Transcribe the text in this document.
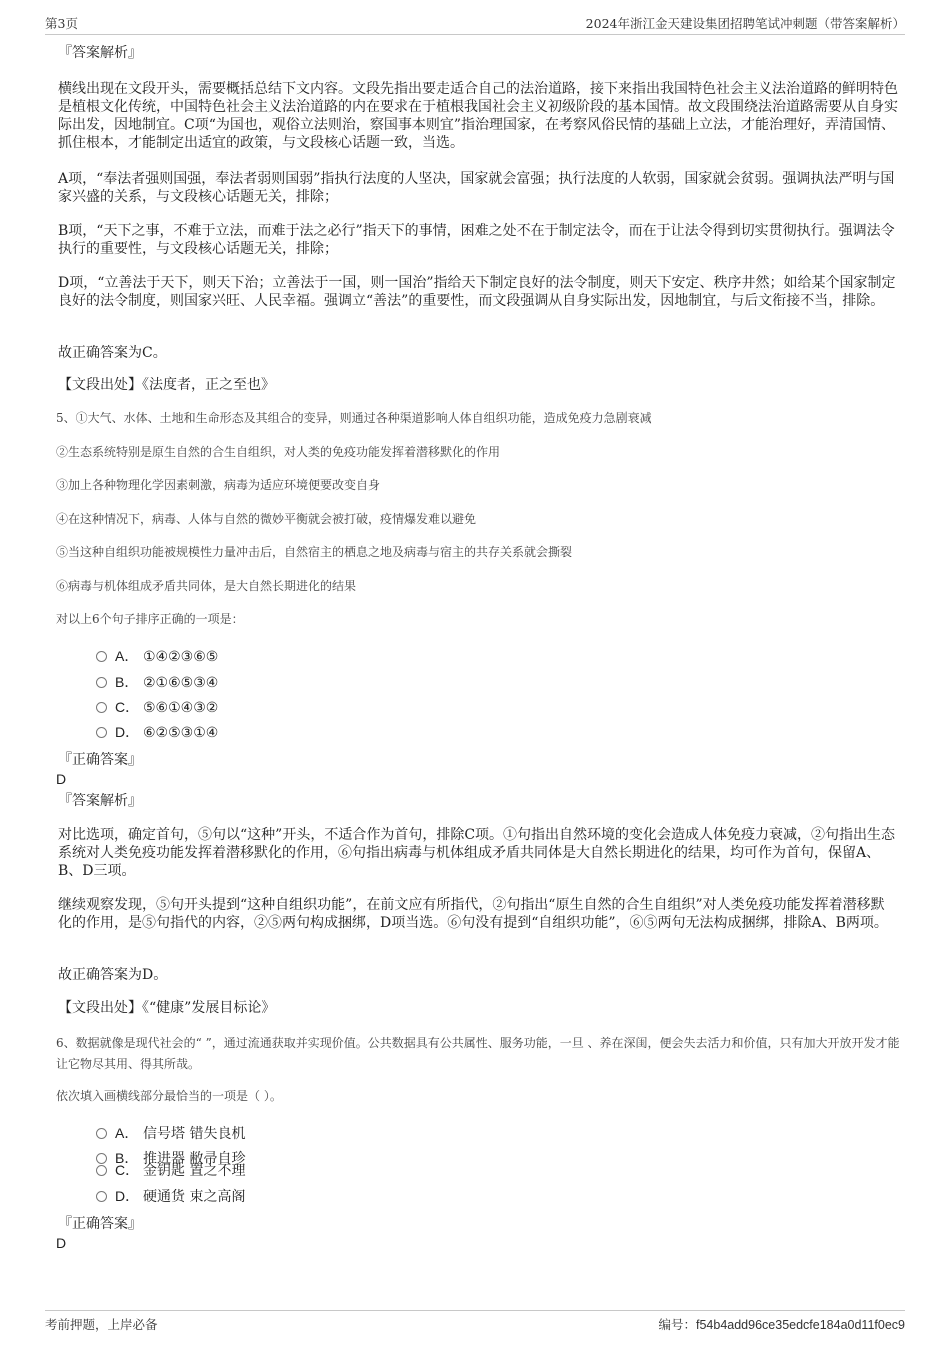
第3页	2024年浙江金天建设集团招聘笔试冲刺题（带答案解析）

『答案解析』

横线出现在文段开头，需要概括总结下文内容。文段先指出要走适合自己的法治道路，接下来指出我国特色社会主义法治道路的鲜明特色是植根文化传统，中国特色社会主义法治道路的内在要求在于植根我国社会主义初级阶段的基本国情。故文段围绕法治道路需要从自身实际出发，因地制宜。C项“为国也，观俗立法则治，察国事本则宜”指治理国家，在考察风俗民情的基础上立法，才能治理好，弄清国情、抓住根本，才能制定出适宜的政策，与文段核心话题一致，当选。

A项，“奉法者强则国强，奉法者弱则国弱”指执行法度的人坚决，国家就会富强；执行法度的人软弱，国家就会贫弱。强调执法严明与国家兴盛的关系，与文段核心话题无关，排除；

B项，“天下之事，不难于立法，而难于法之必行”指天下的事情，困难之处不在于制定法令，而在于让法令得到切实贯彻执行。强调法令执行的重要性，与文段核心话题无关，排除；

D项，“立善法于天下，则天下治；立善法于一国，则一国治”指给天下制定良好的法令制度，则天下安定、秩序井然；如给某个国家制定良好的法令制度，则国家兴旺、人民幸福。强调立“善法”的重要性，而文段强调从自身实际出发，因地制宜，与后文衔接不当，排除。

故正确答案为C。

【文段出处】《法度者，正之至也》

5、①大气、水体、土地和生命形态及其组合的变异，则通过各种渠道影响人体自组织功能，造成免疫力急剧衰减

②生态系统特别是原生自然的合生自组织，对人类的免疫功能发挥着潜移默化的作用

③加上各种物理化学因素刺激，病毒为适应环境便要改变自身

④在这种情况下，病毒、人体与自然的微妙平衡就会被打破，疫情爆发难以避免

⑤当这种自组织功能被规模性力量冲击后，自然宿主的栖息之地及病毒与宿主的共存关系就会撕裂

⑥病毒与机体组成矛盾共同体，是大自然长期进化的结果

对以上6个句子排序正确的一项是：

A． ①④②③⑥⑤
B． ②①⑥⑤③④
C． ⑤⑥①④③②
D． ⑥②⑤③①④

『正确答案』

D

『答案解析』

对比选项，确定首句，⑤句以“这种”开头，不适合作为首句，排除C项。①句指出自然环境的变化会造成人体免疫力衰减，②句指出生态系统对人类免疫功能发挥着潜移默化的作用，⑥句指出病毒与机体组成矛盾共同体是大自然长期进化的结果，均可作为首句，保留A、B、D三项。

继续观察发现，⑤句开头提到“这种自组织功能”，在前文应有所指代，②句指出“原生自然的合生自组织”对人类免疫功能发挥着潜移默化的作用，是⑤句指代的内容，②⑤两句构成捆绑，D项当选。⑥句没有提到“自组织功能”，⑥⑤两句无法构成捆绑，排除A、B两项。

故正确答案为D。

【文段出处】《“健康”发展目标论》

6、数据就像是现代社会的“ ”，通过流通获取并实现价值。公共数据具有公共属性、服务功能，一旦 、养在深闺，便会失去活力和价值，只有加大开放开发才能让它物尽其用、得其所哉。

依次填入画横线部分最恰当的一项是（ ）。

A． 信号塔 错失良机
B． 推进器 敝帚自珍
C． 金钥匙 置之不理
D． 硬通货 束之高阁

『正确答案』

D

考前押题，上岸必备	编号：f54b4add96ce35edcfe184a0d11f0ec9
